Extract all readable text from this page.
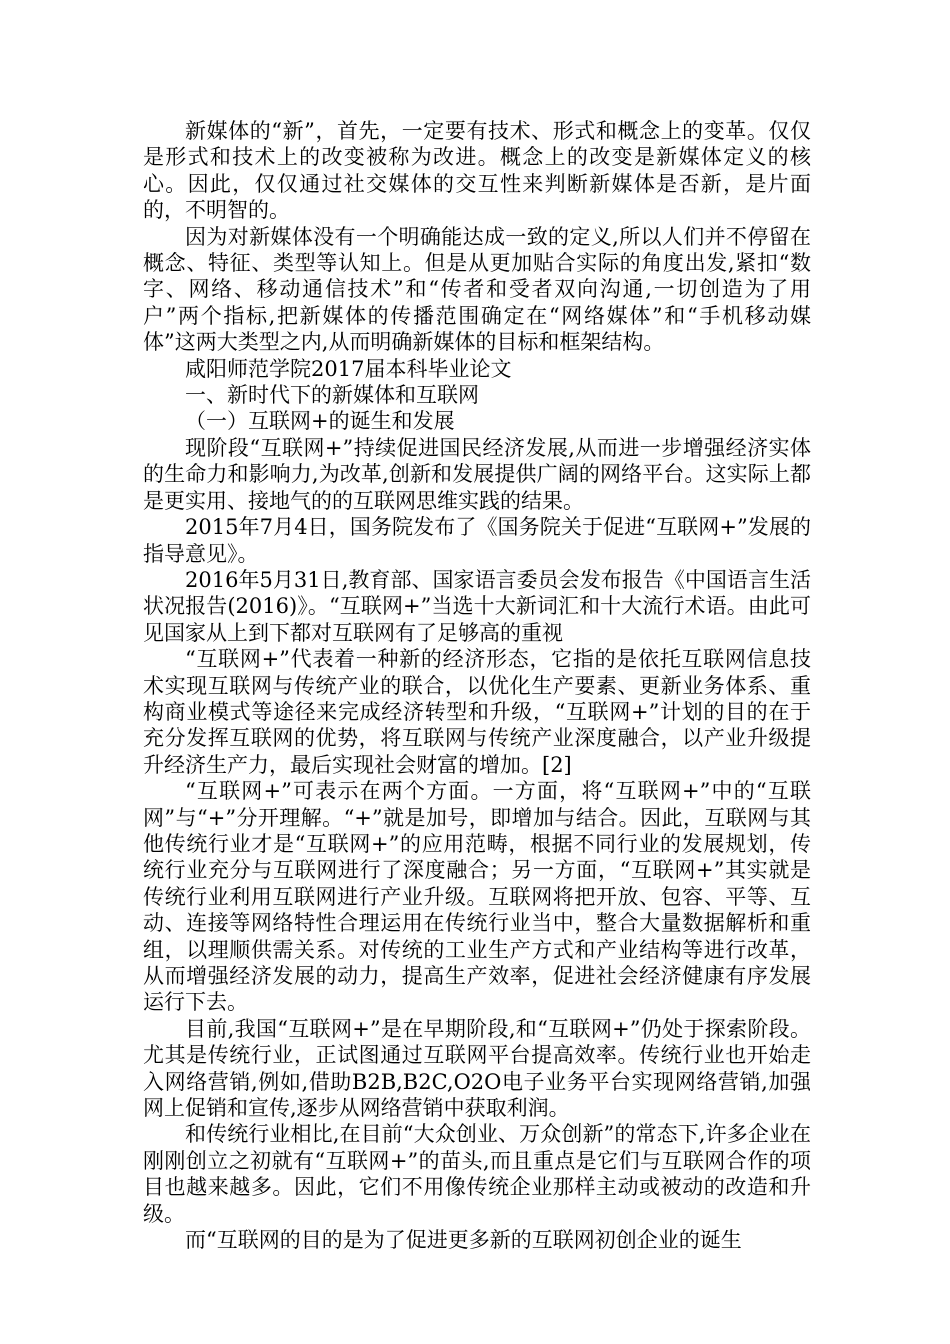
新媒体的“新”，首先，一定要有技术、形式和概念上的变革。仅仅是形式和技术上的改变被称为改进。概念上的改变是新媒体定义的核心。因此，仅仅通过社交媒体的交互性来判断新媒体是否新，是片面的，不明智的。

因为对新媒体没有一个明确能达成一致的定义,所以人们并不停留在概念、特征、类型等认知上。但是从更加贴合实际的角度出发,紧扣“数字、网络、移动通信技术”和“传者和受者双向沟通,一切创造为了用户”两个指标,把新媒体的传播范围确定在“网络媒体”和“手机移动媒体”这两大类型之内,从而明确新媒体的目标和框架结构。

咸阳师范学院2017届本科毕业论文

一、新时代下的新媒体和互联网

（一）互联网+的诞生和发展

现阶段“互联网+”持续促进国民经济发展,从而进一步增强经济实体的生命力和影响力,为改革,创新和发展提供广阔的网络平台。这实际上都是更实用、接地气的的互联网思维实践的结果。

2015年7月4日，国务院发布了《国务院关于促进“互联网+”发展的指导意见》。

2016年5月31日,教育部、国家语言委员会发布报告《中国语言生活状况报告(2016)》。“互联网+”当选十大新词汇和十大流行术语。由此可见国家从上到下都对互联网有了足够高的重视

“互联网+”代表着一种新的经济形态，它指的是依托互联网信息技术实现互联网与传统产业的联合，以优化生产要素、更新业务体系、重构商业模式等途径来完成经济转型和升级，“互联网+”计划的目的在于充分发挥互联网的优势，将互联网与传统产业深度融合，以产业升级提升经济生产力，最后实现社会财富的增加。[2]

“互联网+”可表示在两个方面。一方面，将“互联网+”中的“互联网”与“+”分开理解。“+”就是加号，即增加与结合。因此，互联网与其他传统行业才是“互联网+”的应用范畴，根据不同行业的发展规划，传统行业充分与互联网进行了深度融合；另一方面，“互联网+”其实就是传统行业利用互联网进行产业升级。互联网将把开放、包容、平等、互动、连接等网络特性合理运用在传统行业当中，整合大量数据解析和重组，以理顺供需关系。对传统的工业生产方式和产业结构等进行改革，从而增强经济发展的动力，提高生产效率，促进社会经济健康有序发展运行下去。

目前,我国“互联网+”是在早期阶段,和“互联网+”仍处于探索阶段。尤其是传统行业，正试图通过互联网平台提高效率。传统行业也开始走入网络营销,例如,借助B2B,B2C,O2O电子业务平台实现网络营销,加强网上促销和宣传,逐步从网络营销中获取利润。

和传统行业相比,在目前“大众创业、万众创新”的常态下,许多企业在刚刚创立之初就有“互联网+”的苗头,而且重点是它们与互联网合作的项目也越来越多。因此，它们不用像传统企业那样主动或被动的改造和升级。

而“互联网的目的是为了促进更多新的互联网初创企业的诞生
